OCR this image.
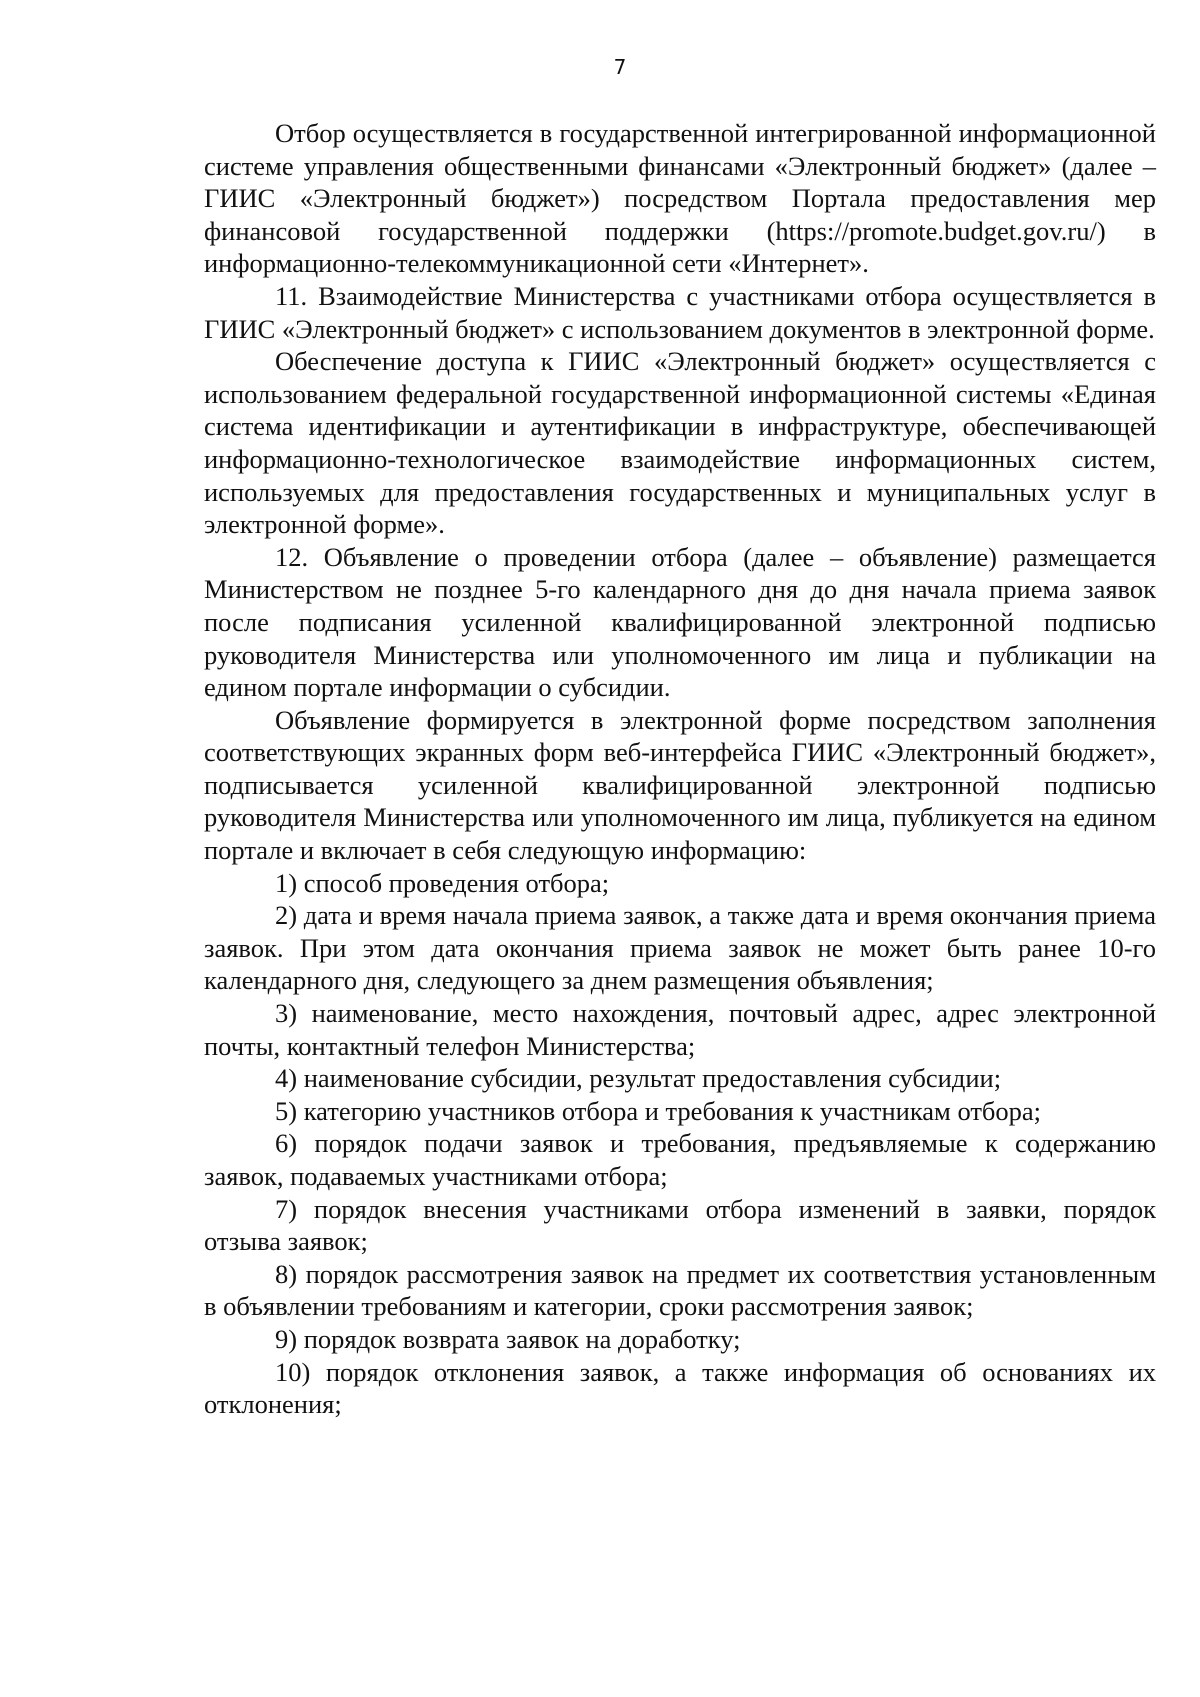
7

Отбор осуществляется в государственной интегрированной информационной системе управления общественными финансами «Электронный бюджет» (далее – ГИИС «Электронный бюджет») посредством Портала предоставления мер финансовой государственной поддержки (https://promote.budget.gov.ru/) в информационно-телекоммуникационной сети «Интернет».

11. Взаимодействие Министерства с участниками отбора осуществляется в ГИИС «Электронный бюджет» с использованием документов в электронной форме.

Обеспечение доступа к ГИИС «Электронный бюджет» осуществляется с использованием федеральной государственной информационной системы «Единая система идентификации и аутентификации в инфраструктуре, обеспечивающей информационно-технологическое взаимодействие информационных систем, используемых для предоставления государственных и муниципальных услуг в электронной форме».

12. Объявление о проведении отбора (далее – объявление) размещается Министерством не позднее 5-го календарного дня до дня начала приема заявок после подписания усиленной квалифицированной электронной подписью руководителя Министерства или уполномоченного им лица и публикации на едином портале информации о субсидии.

Объявление формируется в электронной форме посредством заполнения соответствующих экранных форм веб-интерфейса ГИИС «Электронный бюджет», подписывается усиленной квалифицированной электронной подписью руководителя Министерства или уполномоченного им лица, публикуется на едином портале и включает в себя следующую информацию:

1) способ проведения отбора;

2) дата и время начала приема заявок, а также дата и время окончания приема заявок. При этом дата окончания приема заявок не может быть ранее 10-го календарного дня, следующего за днем размещения объявления;

3) наименование, место нахождения, почтовый адрес, адрес электронной почты, контактный телефон Министерства;

4) наименование субсидии, результат предоставления субсидии;

5) категорию участников отбора и требования к участникам отбора;

6) порядок подачи заявок и требования, предъявляемые к содержанию заявок, подаваемых участниками отбора;

7) порядок внесения участниками отбора изменений в заявки, порядок отзыва заявок;

8) порядок рассмотрения заявок на предмет их соответствия установленным в объявлении требованиям и категории, сроки рассмотрения заявок;

9) порядок возврата заявок на доработку;

10) порядок отклонения заявок, а также информация об основаниях их отклонения;
